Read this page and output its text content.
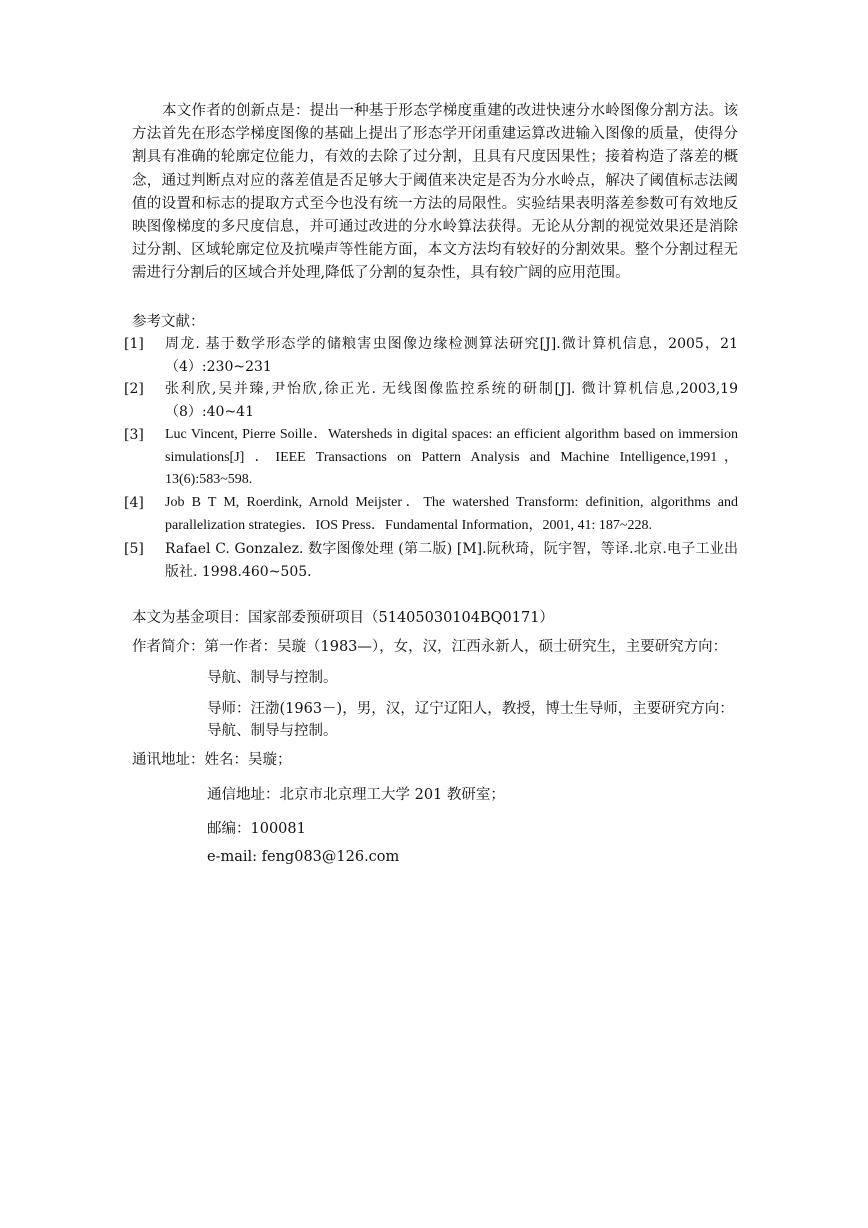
本文作者的创新点是：提出一种基于形态学梯度重建的改进快速分水岭图像分割方法。该方法首先在形态学梯度图像的基础上提出了形态学开闭重建运算改进输入图像的质量，使得分割具有准确的轮廓定位能力，有效的去除了过分割，且具有尺度因果性；接着构造了落差的概念，通过判断点对应的落差值是否足够大于阈值来决定是否为分水岭点，解决了阈值标志法阈值的设置和标志的提取方式至今也没有统一方法的局限性。实验结果表明落差参数可有效地反映图像梯度的多尺度信息，并可通过改进的分水岭算法获得。无论从分割的视觉效果还是消除过分割、区域轮廓定位及抗噪声等性能方面，本文方法均有较好的分割效果。整个分割过程无需进行分割后的区域合并处理,降低了分割的复杂性，具有较广阔的应用范围。

参考文献：

[1]	周龙. 基于数学形态学的储粮害虫图像边缘检测算法研究[J].微计算机信息，2005，21（4）:230~231
[2]	张利欣,吴并臻,尹怡欣,徐正光. 无线图像监控系统的研制[J]. 微计算机信息,2003,19（8）:40~41
[3]	Luc Vincent, Pierre Soille．Watersheds in digital spaces: an efficient algorithm based on immersion simulations[J] ．IEEE Transactions on Pattern Analysis and Machine Intelligence,1991，13(6):583~598.
[4]	Job B T M, Roerdink, Arnold Meijster．The watershed Transform: definition, algorithms and parallelization strategies．IOS Press．Fundamental Information，2001, 41: 187~228.
[5]	Rafael C. Gonzalez. 数字图像处理 (第二版) [M].阮秋琦，阮宇智，等译.北京.电子工业出版社. 1998.460~505.
本文为基金项目：国家部委预研项目（51405030104BQ0171）
作者简介：第一作者：吴璇（1983—），女，汉，江西永新人，硕士研究生，主要研究方向：
导航、制导与控制。
导师：汪渤(1963－)，男，汉，辽宁辽阳人，教授，博士生导师，主要研究方向：导航、制导与控制。
通讯地址：姓名：吴璇；
通信地址：北京市北京理工大学 201 教研室；
邮编：100081
e-mail: feng083@126.com
